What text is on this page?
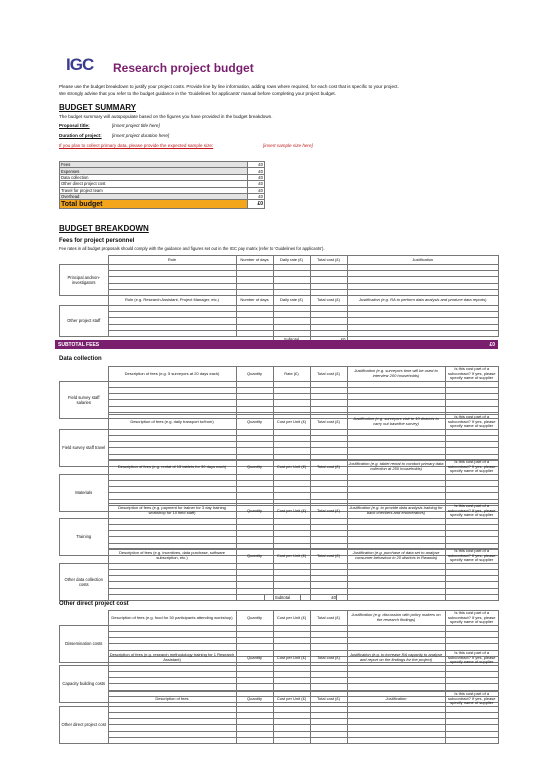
IGC Research project budget
Please use the budget breakdown to justify your project costs. Provide line by line information, adding rows where required, for each cost that is specific to your project.
We strongly advise that you refer to the budget guidance in the 'Guidelines for applicants' manual before completing your project budget.
BUDGET SUMMARY
The budget summary will autopopulate based on the figures you have provided in the budget breakdown.
Proposal title:	[insert project title here]
Duration of project: [insert project duration here]
If you plan to collect primary data, please provide the expected sample size:	[insert sample size here]
Fees	£0
Expenses	£0
Data collection	£0
Other direct project cost	£0
Travel for project team	£0
Overhead	£0
Total budget	£0
BUDGET BREAKDOWN
Fees for project personnel
Fee rates in all budget proposals should comply with the guidance and figures set out in the IGC pay matrix (refer to 'Guidelines for applicants').
	Role	Number of days	Daily rate (£)	Total cost (£)	Justification
Principal andnon-investigators					

	Role (e.g. Research Assistant, Project Manager, etc.)	Number of days	Daily rate (£)	Total cost (£)	Justification (e.g. RA to perform data analysis and produce data reports)
Other project staff					

SUBTOTAL FEES	£0
Data collection
	Description of fees (e.g. 5 surveyors at 20 days each)	Quantity	Rate (£)	Total cost (£)	Justification (e.g. surveyors time will be used to interview 200 households)	Is this cost part of a subcontract? If yes, please specify name of supplier
Field survey staff salaries						

	Description of fees (e.g. daily transport to/from)	Quantity	Cost per Unit (£)	Total cost (£)	Justification (e.g. surveyors visit to 10 districts to carry out baseline survey)	Is this cost part of a subcontract? If yes, please specify name of supplier
Field survey staff travel						

	Description of fees (e.g. rental of 15 tablets for 30 days each)	Quantity	Cost per Unit (£)	Total cost (£)	Justification (e.g. tablet rental to conduct primary data collection at 250 households)	Is this cost part of a subcontract? If yes, please specify name of supplier
Materials						

	Description of fees (e.g. payment for trainer for 3 day training workshop for 10 field staff)	Quantity	Cost per Unit (£)	Total cost (£)	Justification (e.g. to provide data analysis training for back checkers and enumerators)	Is this cost part of a subcontract? If yes, please specify name of supplier
Training						

	Description of fees (e.g. incentives, data purchase, software subscription, etc.)	Quantity	Cost per Unit (£)	Total cost (£)	Justification (e.g. purchase of data set to analyse consumer behaviour in 20 districts in Rwanda)	Is this cost part of a subcontract? If yes, please specify name of supplier
Other data collection costs						

Subtotal	£0
Other direct project cost
	Description of fees (e.g. food for 30 participants attending workshop)	Quantity	Cost per Unit (£)	Total cost (£)	Justification (e.g. discussion with policy makers on the research findings)	Is this cost part of a subcontract? If yes, please specify name of supplier
Dissemination costs						

	Description of fees (e.g. research methodology training for 1 Research Assistant)	Quantity	Cost per Unit (£)	Total cost (£)	Justification (e.g. to increase RA capacity to analyse and report on the findings for the project)	Is this cost part of a subcontract? If yes, please specify name of supplier
Capacity building costs						

	Description of fees	Quantity	Cost per Unit (£)	Total cost (£)	Justification	Is this cost part of a subcontract? If yes, please specify name of supplier
Other direct project cost						
